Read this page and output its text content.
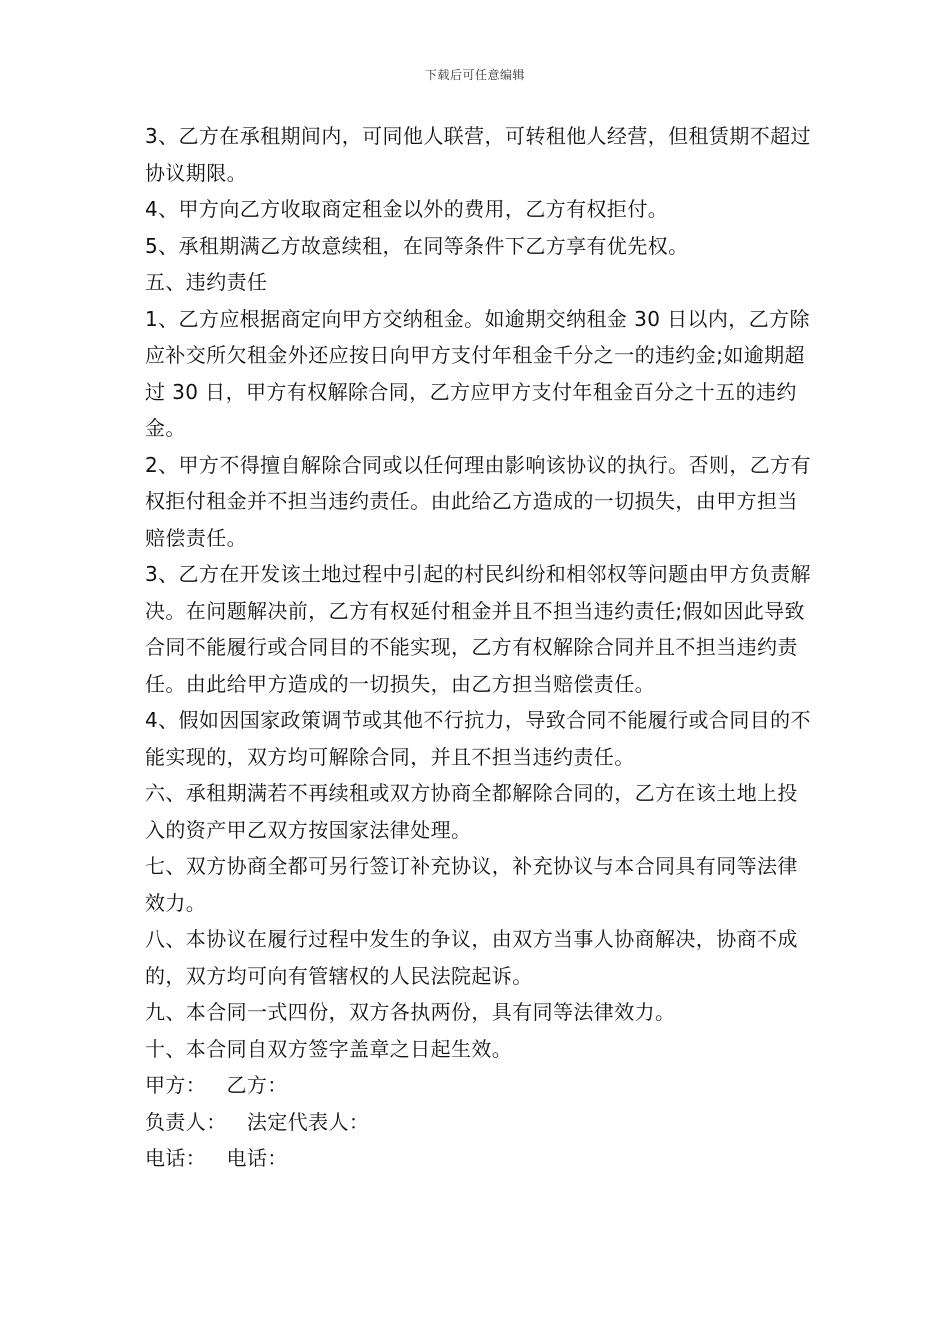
下载后可任意编辑

3、乙方在承租期间内，可同他人联营，可转租他人经营，但租赁期不超过协议期限。

4、甲方向乙方收取商定租金以外的费用，乙方有权拒付。

5、承租期满乙方故意续租，在同等条件下乙方享有优先权。

五、违约责任

1、乙方应根据商定向甲方交纳租金。如逾期交纳租金 30 日以内，乙方除应补交所欠租金外还应按日向甲方支付年租金千分之一的违约金;如逾期超过 30 日，甲方有权解除合同，乙方应甲方支付年租金百分之十五的违约金。

2、甲方不得擅自解除合同或以任何理由影响该协议的执行。否则，乙方有权拒付租金并不担当违约责任。由此给乙方造成的一切损失，由甲方担当赔偿责任。

3、乙方在开发该土地过程中引起的村民纠纷和相邻权等问题由甲方负责解决。在问题解决前，乙方有权延付租金并且不担当违约责任;假如因此导致合同不能履行或合同目的不能实现，乙方有权解除合同并且不担当违约责任。由此给甲方造成的一切损失，由乙方担当赔偿责任。

4、假如因国家政策调节或其他不行抗力，导致合同不能履行或合同目的不能实现的，双方均可解除合同，并且不担当违约责任。

六、承租期满若不再续租或双方协商全都解除合同的，乙方在该土地上投入的资产甲乙双方按国家法律处理。

七、双方协商全都可另行签订补充协议，补充协议与本合同具有同等法律效力。

八、本协议在履行过程中发生的争议，由双方当事人协商解决，协商不成的，双方均可向有管辖权的人民法院起诉。

九、本合同一式四份，双方各执两份，具有同等法律效力。

十、本合同自双方签字盖章之日起生效。

甲方： 乙方：
负责人： 法定代表人：
电话： 电话：
